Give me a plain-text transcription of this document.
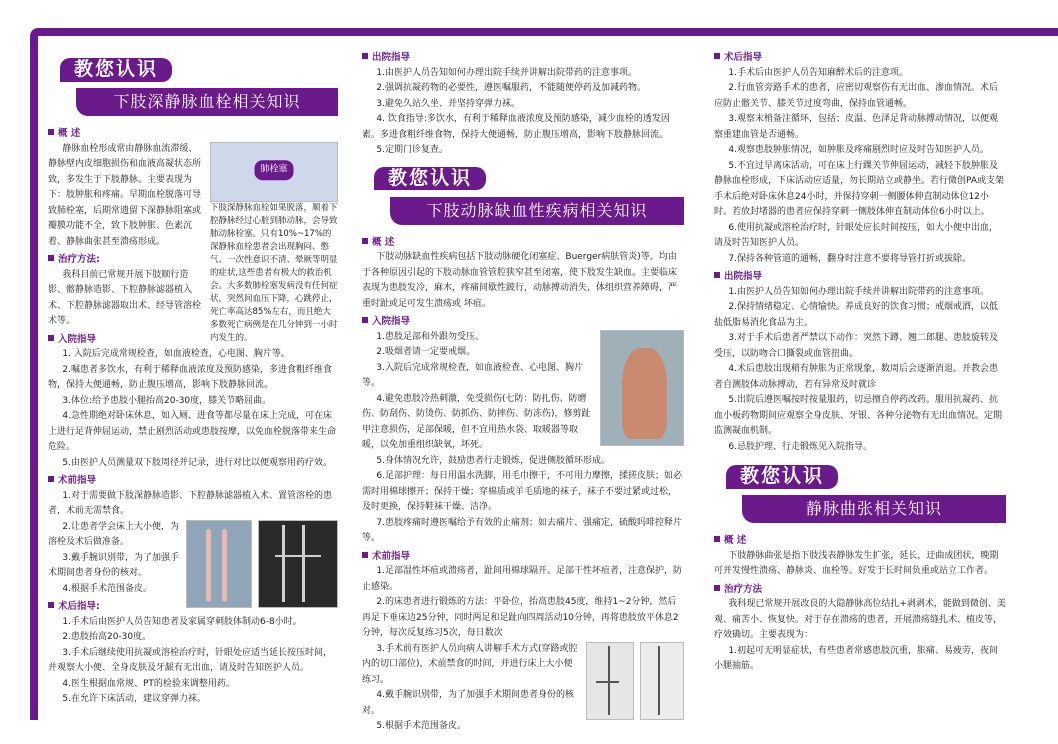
教您认识
下肢深静脉血栓相关知识
概 述
肺栓塞
下肢深静脉血栓如果脱落，顺着下腔静脉经过心脏到肺动脉，会导致肺动脉栓塞。只有10%~17%的深静脉血栓患者会出现胸闷、憋气、一次性意识不清、晕厥等明显的症状,这些患者有极大的救治机会。大多数肺栓塞发病没有任何症状，突然间血压下降，心跳停止，死亡率高达85%左右，而且绝大多数死亡病例是在几分钟到一小时内发生的。

静脉血栓形成常由静脉血流滞缓、静脉壁内皮细胞损伤和血液高凝状态所致，多发生于下肢静脉。主要表现为下：肢肿胀和疼痛。早期血栓脱落可导致肺栓塞，后期常遗留下深静脉阻塞或瓣膜功能不全，致下肢肿胀、色素沉着、静脉曲张甚至溃疡形成。

治疗方法:

我科目前已常规开展下肢顺行造影、髂静脉造影、下腔静脉滤器植入术、下腔静脉滤器取出术、经导管溶栓术等。

入院指导

1. 入院后完成常规检查，如血液检查，心电图、胸片等。

2.嘱患者多饮水，有利于稀释血液浓度及预防感染，多进食粗纤维食物，保持大便通畅，防止腹压增高，影响下肢静脉回流。

3.体位:给予患肢小腿抬高20-30度，膝关节略屈曲。

4.急性期绝对卧床休息，如入厕、进食等都尽量在床上完成，可在床上进行足背伸屈运动，禁止剧烈活动或患肢按摩，以免血栓脱落带来生命危险。

5.由医护人员测量双下肢周径并记录，进行对比以便观察用药疗效。

术前指导

1.对于需要做下肢深静脉造影、下腔静脉滤器植入术、置管溶栓的患者，术前无需禁食。

2.让患者学会床上大小便，为溶栓及术后做准备。

3.戴手腕识别带，为了加强手术期间患者身份的核对。

4.根据手术范围备皮。

术后指导:

1.手术后由医护人员告知患者及家属穿刺肢体制动6-8小时。

2.患肢抬高20-30度。

3.手术后继续使用抗凝或溶栓治疗时，针眼处应适当延长按压时间，并观察大小便、全身皮肤及牙龈有无出血，请及时告知医护人员。

4.医生根据血常规、PT的检验来调整用药。

5.在允许下床活动，建议穿弹力袜。

出院指导

1.由医护人员告知如何办理出院手续并讲解出院带药的注意事项。

2.强调抗凝药物的必要性，遵医嘱服药，不能随便停药及加减药物。

3.避免久站久坐、并坚持穿弹力袜。

4. 饮食指导:多饮水，有利于稀释血液浓度及预防感染，减少血栓的透发因素。多进食粗纤维食物，保持大便通畅，防止腹压增高，影响下肢静脉回流。

5.定期门诊复查。

教您认识
下肢动脉缺血性疾病相关知识
概 述

下肢动脉缺血性疾病包括下肢动脉硬化闭塞症、Buerger病肤管炎)等。均由于各种原因引起的下肢动脉血管管腔狭窄甚至闭塞，使下肢发生缺血。主要临床表现为患肢发冷，麻木，疼痛间歇性跛行，动脉搏动消失，体组织营养障碍，严重时趾或足可发生溃疡或 坏疽。

入院指导

1.患肢足部和外跟勿受压。

2.吸烟者请一定要戒烟。

3.入院后完成常规检查，如血液检查、心电图、胸片等。

4.避免患肢冷热刺激，免受损伤(七防：防扎伤、防磨伤、防刮伤、防烫伤、防抓伤、防摔伤、防冻伤)，修剪趾甲注意损伤，足部保暖，但不宜用热水袋、取暖器等取暖，以免加重组织缺氧，坏死。

5.身体情况允许，鼓励患者行走锻炼，促进侧肢循环形成。

6.足部护理：每日用温水洗脚，用毛巾擦干，不可用力摩擦，揉搓皮肤；如必需时用棉球擦开；保持干燥；穿棉质或羊毛质地的袜子，袜子不要过紧或过松，及时更换，保持鞋袜干燥、洁净。

7.患肢疼痛时遵医嘱给予有效的止痛剂；如去痛片、强痛定，硫酸吗啡控释片等。

术前指导

1.足部湿性坏疽或溃疡者，趾间用棉球隔开。足部干性坏疽者，注意保护，防止感染。

2.的床患者进行锻炼的方法：平卧位，抬高患肢45度，维持1~2分钟，然后再足下垂床边25分钟，同时两足和足趾向四周活动10分钟，再将患肢放平休息2分钟，每次反复练习5次，每日数次

3.手术前有医护人员向病人讲解手术方式(穿路或腔内的切口部位)，术前禁食的时间，并进行床上大小便练习。

4.戴手腕识别带，为了加强手术期间患者身份的核对。

5.根据手术范围备皮。

术后指导

1.手术后由医护人员告知麻醉术后的注意项。

2.行血管旁路手术的患者，应密切观察伤有无出血、渗血情况。术后应防止髂关节、膝关节过度弯曲，保持血管通畅。

3.观察末梢备注循环，包括；皮温、色泽足背动脉搏动情况，以便观察重建血管是否通畅。

4.观察患肢肿胀情况，如肿胀及疼痛剧烈时应及时告知医护人员。

5.不宜过早离床活动，可在床上行踝关节伸屈运动，减轻下肢肿胀及静脉血栓形成，下床活动应适量，勿长期站立或静坐。若行微创PA或支架手术后绝对卧床休息24小时，并保持穿刺一侧腰体伸直制动体位12小时。若放封堵器的患者应保持穿刺一侧肢体伸直制动体位6小时以上。

6.使用抗凝或溶栓治疗时，针眼处应长时间按压，如大小便中出血，请及时告知医护人员。

7.保持各种管道的通畅，翻身时注意不要将导管打折或拔除。

出院指导

1.由医护人员告知如何办理出院手续并讲解出院带药的注意事项。

2.保持情绪稳定、心情愉快。养成良好的饮食习惯；戒烟戒酒，以低盐低脂易消化食品为主。

3.对于手术后患者严禁以下动作：突然下蹲、翘二郎腿、患肢旋转及受压，以防吻合口撕裂或血管扭曲。

4.术后患肢出现稍有肿胀为正常现象，数周后会逐渐消退。并教会患者自测肢体动脉搏动，若有异常及时就诊

5.出院后遵医嘱按时按量服药，切忌擅自停药改药。服用抗凝药、抗血小板药物期间应观察全身皮肤、牙银、各种分泌物有无出血情况。定期监测凝血机制。

6.忌肢护理、行走锻炼见入院指导。

教您认识
静脉曲张相关知识
概 述

下肢静脉曲张是指下肢浅表静脉发生扩张，延长，迂曲成团状，晚期可并发慢性溃疡、静脉炎、血栓等。好发于长时间负重或站立工作者。

治疗方法

我科现已常规开展改良的大隐静脉高位结扎+剥剥术，能做到微创、美观、痛苦小、恢复快。对于存在溃疡的患者，开展溃疡缝扎术、植皮等，疗效确切。主要表现为：

1.初起可无明显症状，有些患者常感患肢沉重，胀痛、易疲劳，夜间小腿抽筋。
